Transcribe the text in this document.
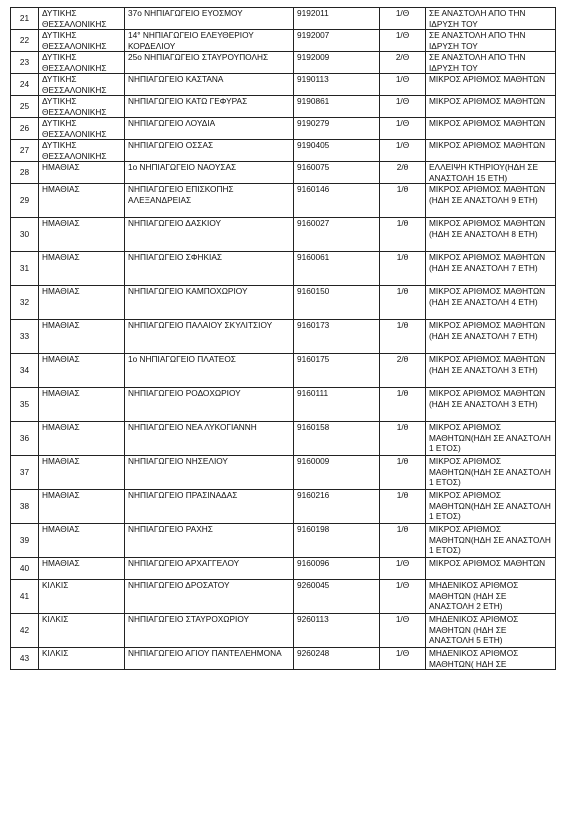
21	ΔΥΤΙΚΗΣ ΘΕΣΣΑΛΟΝΙΚΗΣ	37ο ΝΗΠΙΑΓΩΓΕΙΟ ΕΥΟΣΜΟΥ	9192011	1/Θ	ΣΕ ΑΝΑΣΤΟΛΗ ΑΠΟ ΤΗΝ ΙΔΡΥΣΗ ΤΟΥ
22	ΔΥΤΙΚΗΣ ΘΕΣΣΑΛΟΝΙΚΗΣ	14° ΝΗΠΙΑΓΩΓΕΙΟ ΕΛΕΥΘΕΡΙΟΥ ΚΟΡΔΕΛΙΟΥ	9192007	1/Θ	ΣΕ ΑΝΑΣΤΟΛΗ ΑΠΟ ΤΗΝ ΙΔΡΥΣΗ ΤΟΥ
23	ΔΥΤΙΚΗΣ ΘΕΣΣΑΛΟΝΙΚΗΣ	25ο ΝΗΠΙΑΓΩΓΕΙΟ ΣΤΑΥΡΟΥΠΟΛΗΣ	9192009	2/Θ	ΣΕ ΑΝΑΣΤΟΛΗ ΑΠΟ ΤΗΝ ΙΔΡΥΣΗ ΤΟΥ
24	ΔΥΤΙΚΗΣ ΘΕΣΣΑΛΟΝΙΚΗΣ	ΝΗΠΙΑΓΩΓΕΙΟ ΚΑΣΤΑΝΑ	9190113	1/Θ	ΜΙΚΡΟΣ ΑΡΙΘΜΟΣ ΜΑΘΗΤΩΝ
25	ΔΥΤΙΚΗΣ ΘΕΣΣΑΛΟΝΙΚΗΣ	ΝΗΠΙΑΓΩΓΕΙΟ ΚΑΤΩ ΓΕΦΥΡΑΣ	9190861	1/Θ	ΜΙΚΡΟΣ ΑΡΙΘΜΟΣ ΜΑΘΗΤΩΝ
26	ΔΥΤΙΚΗΣ ΘΕΣΣΑΛΟΝΙΚΗΣ	ΝΗΠΙΑΓΩΓΕΙΟ ΛΟΥΔΙΑ	9190279	1/Θ	ΜΙΚΡΟΣ ΑΡΙΘΜΟΣ ΜΑΘΗΤΩΝ
27	ΔΥΤΙΚΗΣ ΘΕΣΣΑΛΟΝΙΚΗΣ	ΝΗΠΙΑΓΩΓΕΙΟ ΟΣΣΑΣ	9190405	1/Θ	ΜΙΚΡΟΣ ΑΡΙΘΜΟΣ ΜΑΘΗΤΩΝ
28	ΗΜΑΘΙΑΣ	1ο ΝΗΠΙΑΓΩΓΕΙΟ ΝΑΟΥΣΑΣ	9160075	2/θ	ΕΛΛΕΙΨΗ ΚΤΗΡΙΟΥ(ΗΔΗ ΣΕ ΑΝΑΣΤΟΛΗ 15 ΕΤΗ)
29	ΗΜΑΘΙΑΣ	ΝΗΠΙΑΓΩΓΕΙΟ ΕΠΙΣΚΟΠΗΣ ΑΛΕΞΑΝΔΡΕΙΑΣ	9160146	1/θ	ΜΙΚΡΟΣ ΑΡΙΘΜΟΣ ΜΑΘΗΤΩΝ (ΗΔΗ ΣΕ ΑΝΑΣΤΟΛΗ 9 ΕΤΗ)
30	ΗΜΑΘΙΑΣ	ΝΗΠΙΑΓΩΓΕΙΟ ΔΑΣΚΙΟΥ	9160027	1/θ	ΜΙΚΡΟΣ ΑΡΙΘΜΟΣ ΜΑΘΗΤΩΝ (ΗΔΗ ΣΕ ΑΝΑΣΤΟΛΗ 8 ΕΤΗ)
31	ΗΜΑΘΙΑΣ	ΝΗΠΙΑΓΩΓΕΙΟ ΣΦΗΚΙΑΣ	9160061	1/θ	ΜΙΚΡΟΣ ΑΡΙΘΜΟΣ ΜΑΘΗΤΩΝ (ΗΔΗ ΣΕ ΑΝΑΣΤΟΛΗ 7 ΕΤΗ)
32	ΗΜΑΘΙΑΣ	ΝΗΠΙΑΓΩΓΕΙΟ ΚΑΜΠΟΧΩΡΙΟΥ	9160150	1/θ	ΜΙΚΡΟΣ ΑΡΙΘΜΟΣ ΜΑΘΗΤΩΝ (ΗΔΗ ΣΕ ΑΝΑΣΤΟΛΗ 4 ΕΤΗ)
33	ΗΜΑΘΙΑΣ	ΝΗΠΙΑΓΩΓΕΙΟ ΠΑΛΑΙΟΥ ΣΚΥΛΙΤΣΙΟΥ	9160173	1/θ	ΜΙΚΡΟΣ ΑΡΙΘΜΟΣ ΜΑΘΗΤΩΝ (ΗΔΗ ΣΕ ΑΝΑΣΤΟΛΗ 7 ΕΤΗ)
34	ΗΜΑΘΙΑΣ	1ο ΝΗΠΙΑΓΩΓΕΙΟ ΠΛΑΤΕΟΣ	9160175	2/θ	ΜΙΚΡΟΣ ΑΡΙΘΜΟΣ ΜΑΘΗΤΩΝ (ΗΔΗ ΣΕ ΑΝΑΣΤΟΛΗ 3 ΕΤΗ)
35	ΗΜΑΘΙΑΣ	ΝΗΠΙΑΓΩΓΕΙΟ ΡΟΔΟΧΩΡΙΟΥ	9160111	1/θ	ΜΙΚΡΟΣ ΑΡΙΘΜΟΣ ΜΑΘΗΤΩΝ (ΗΔΗ ΣΕ ΑΝΑΣΤΟΛΗ 3 ΕΤΗ)
36	ΗΜΑΘΙΑΣ	ΝΗΠΙΑΓΩΓΕΙΟ ΝΕΑ ΛΥΚΟΓΙΑΝΝΗ	9160158	1/θ	ΜΙΚΡΟΣ ΑΡΙΘΜΟΣ ΜΑΘΗΤΩΝ(ΗΔΗ ΣΕ ΑΝΑΣΤΟΛΗ 1 ΕΤΟΣ)
37	ΗΜΑΘΙΑΣ	ΝΗΠΙΑΓΩΓΕΙΟ ΝΗΣΕΛΙΟΥ	9160009	1/θ	ΜΙΚΡΟΣ ΑΡΙΘΜΟΣ ΜΑΘΗΤΩΝ(ΗΔΗ ΣΕ ΑΝΑΣΤΟΛΗ 1 ΕΤΟΣ)
38	ΗΜΑΘΙΑΣ	ΝΗΠΙΑΓΩΓΕΙΟ ΠΡΑΣΙΝΑΔΑΣ	9160216	1/θ	ΜΙΚΡΟΣ ΑΡΙΘΜΟΣ ΜΑΘΗΤΩΝ(ΗΔΗ ΣΕ ΑΝΑΣΤΟΛΗ 1 ΕΤΟΣ)
39	ΗΜΑΘΙΑΣ	ΝΗΠΙΑΓΩΓΕΙΟ ΡΑΧΗΣ	9160198	1/θ	ΜΙΚΡΟΣ ΑΡΙΘΜΟΣ ΜΑΘΗΤΩΝ(ΗΔΗ ΣΕ ΑΝΑΣΤΟΛΗ 1 ΕΤΟΣ)
40	ΗΜΑΘΙΑΣ	ΝΗΠΙΑΓΩΓΕΙΟ ΑΡΧΑΓΓΕΛΟΥ	9160096	1/Θ	ΜΙΚΡΟΣ ΑΡΙΘΜΟΣ ΜΑΘΗΤΩΝ
41	ΚΙΛΚΙΣ	ΝΗΠΙΑΓΩΓΕΙΟ ΔΡΟΣΑΤΟΥ	9260045	1/Θ	ΜΗΔΕΝΙΚΟΣ ΑΡΙΘΜΟΣ ΜΑΘΗΤΩΝ (ΗΔΗ ΣΕ ΑΝΑΣΤΟΛΗ 2 ΕΤΗ)
42	ΚΙΛΚΙΣ	ΝΗΠΙΑΓΩΓΕΙΟ ΣΤΑΥΡΟΧΩΡΙΟΥ	9260113	1/Θ	ΜΗΔΕΝΙΚΟΣ ΑΡΙΘΜΟΣ ΜΑΘΗΤΩΝ (ΗΔΗ ΣΕ ΑΝΑΣΤΟΛΗ 5 ΕΤΗ)
43	ΚΙΛΚΙΣ	ΝΗΠΙΑΓΩΓΕΙΟ ΑΓΙΟΥ ΠΑΝΤΕΛΕΗΜΟΝΑ	9260248	1/Θ	ΜΗΔΕΝΙΚΟΣ ΑΡΙΘΜΟΣ ΜΑΘΗΤΩΝ( ΗΔΗ ΣΕ
